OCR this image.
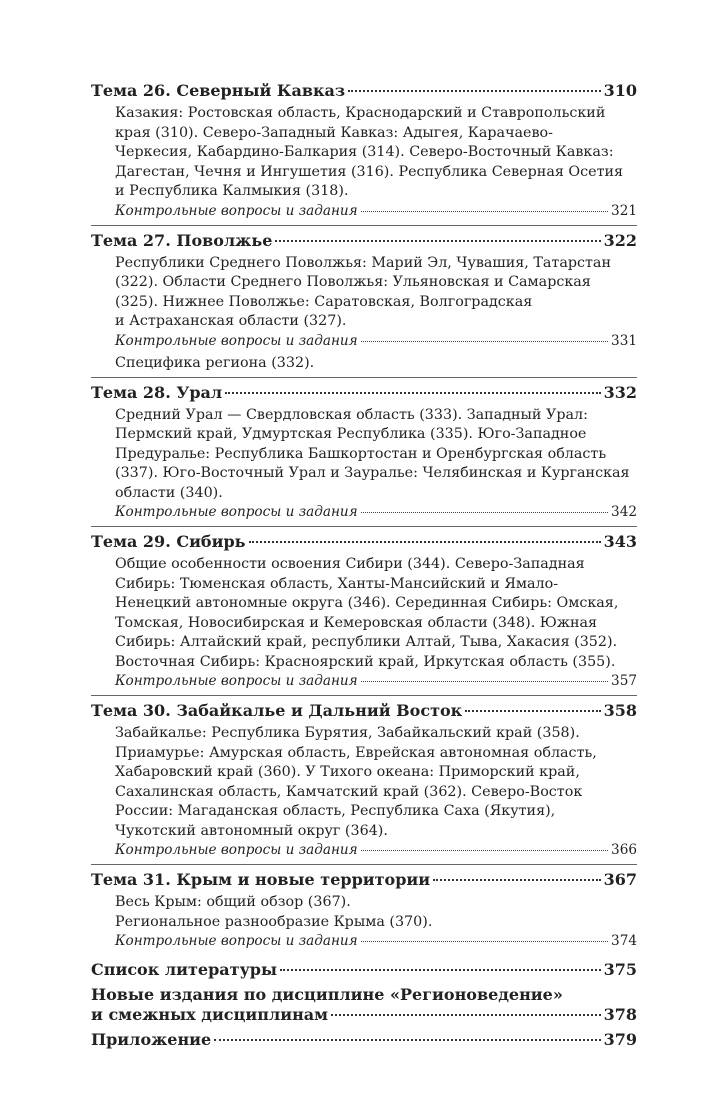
Тема 26. Северный Кавказ	310
Казакия: Ростовская область, Краснодарский и Ставропольский
края (310). Северо-Западный Кавказ: Адыгея, Карачаево-
Черкесия, Кабардино-Балкария (314). Северо-Восточный Кавказ:
Дагестан, Чечня и Ингушетия (316). Республика Северная Осетия
и Республика Калмыкия (318).
Контрольные вопросы и задания	321
Тема 27. Поволжье	322
Республики Среднего Поволжья: Марий Эл, Чувашия, Татарстан
(322). Области Среднего Поволжья: Ульяновская и Самарская
(325). Нижнее Поволжье: Саратовская, Волгоградская
и Астраханская области (327).
Контрольные вопросы и задания	331
Специфика региона (332).
Тема 28. Урал	332
Средний Урал — Свердловская область (333). Западный Урал:
Пермский край, Удмуртская Республика (335). Юго-Западное
Предуралье: Республика Башкортостан и Оренбургская область
(337). Юго-Восточный Урал и Зауралье: Челябинская и Курганская
области (340).
Контрольные вопросы и задания	342
Тема 29. Сибирь	343
Общие особенности освоения Сибири (344). Северо-Западная
Сибирь: Тюменская область, Ханты-Мансийский и Ямало-
Ненецкий автономные округа (346). Серединная Сибирь: Омская,
Томская, Новосибирская и Кемеровская области (348). Южная
Сибирь: Алтайский край, республики Алтай, Тыва, Хакасия (352).
Восточная Сибирь: Красноярский край, Иркутская область (355).
Контрольные вопросы и задания	357
Тема 30. Забайкалье и Дальний Восток	358
Забайкалье: Республика Бурятия, Забайкальский край (358).
Приамурье: Амурская область, Еврейская автономная область,
Хабаровский край (360). У Тихого океана: Приморский край,
Сахалинская область, Камчатский край (362). Северо-Восток
России: Магаданская область, Республика Саха (Якутия),
Чукотский автономный округ (364).
Контрольные вопросы и задания	366
Тема 31. Крым и новые территории	367
Весь Крым: общий обзор (367).
Региональное разнообразие Крыма (370).
Контрольные вопросы и задания	374
Список литературы	375
Новые издания по дисциплине «Регионоведение»
и смежных дисциплинам	378
Приложение	379
